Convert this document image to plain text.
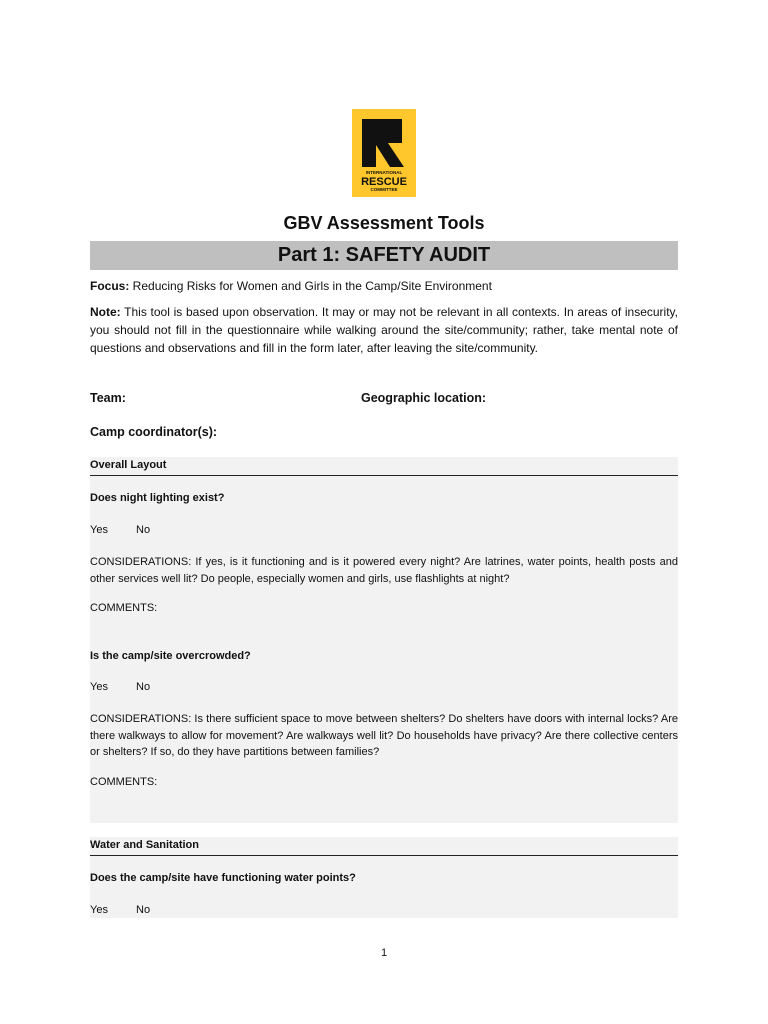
INTERNATIONAL
RESCUE
COMMITTEE
GBV Assessment Tools
Part 1: SAFETY AUDIT
Focus: Reducing Risks for Women and Girls in the Camp/Site Environment
Note: This tool is based upon observation. It may or may not be relevant in all contexts. In areas of insecurity, you should not fill in the questionnaire while walking around the site/community; rather, take mental note of questions and observations and fill in the form later, after leaving the site/community.
Team:	Geographic location:
Camp coordinator(s):
Overall Layout
Does night lighting exist?
Yes	No
CONSIDERATIONS: If yes, is it functioning and is it powered every night? Are latrines, water points, health posts and other services well lit? Do people, especially women and girls, use flashlights at night?
COMMENTS:
Is the camp/site overcrowded?
Yes	No
CONSIDERATIONS: Is there sufficient space to move between shelters? Do shelters have doors with internal locks? Are there walkways to allow for movement? Are walkways well lit? Do households have privacy? Are there collective centers or shelters? If so, do they have partitions between families?
COMMENTS:
Water and Sanitation
Does the camp/site have functioning water points?
Yes	No
1
